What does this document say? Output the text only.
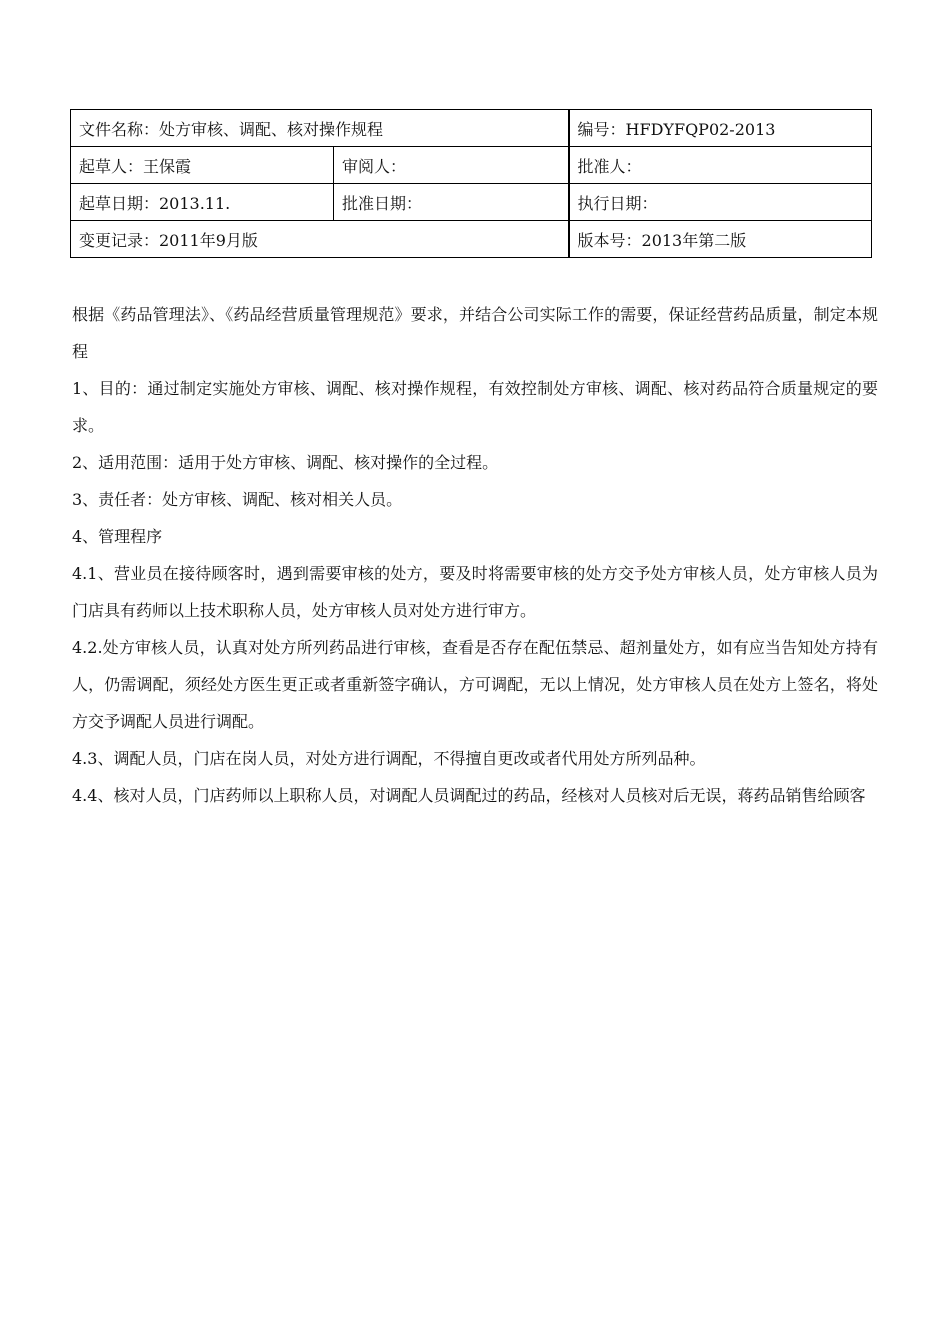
文件名称：处方审核、调配、核对操作规程		编号：HFDYFQP02-2013
起草人：王保霞	审阅人：	批准人：
起草日期：2013.11.	批准日期：	执行日期：
变更记录：2011年9月版		版本号：2013年第二版

根据《药品管理法》、《药品经营质量管理规范》要求，并结合公司实际工作的需要，保证经营药品质量，制定本规程

1、目的：通过制定实施处方审核、调配、核对操作规程，有效控制处方审核、调配、核对药品符合质量规定的要求。

2、适用范围：适用于处方审核、调配、核对操作的全过程。

3、责任者：处方审核、调配、核对相关人员。

4、管理程序

4.1、营业员在接待顾客时，遇到需要审核的处方，要及时将需要审核的处方交予处方审核人员，处方审核人员为门店具有药师以上技术职称人员，处方审核人员对处方进行审方。

4.2.处方审核人员，认真对处方所列药品进行审核，查看是否存在配伍禁忌、超剂量处方，如有应当告知处方持有人，仍需调配，须经处方医生更正或者重新签字确认，方可调配，无以上情况，处方审核人员在处方上签名，将处方交予调配人员进行调配。

4.3、调配人员，门店在岗人员，对处方进行调配，不得擅自更改或者代用处方所列品种。

4.4、核对人员，门店药师以上职称人员，对调配人员调配过的药品，经核对人员核对后无误，蒋药品销售给顾客
